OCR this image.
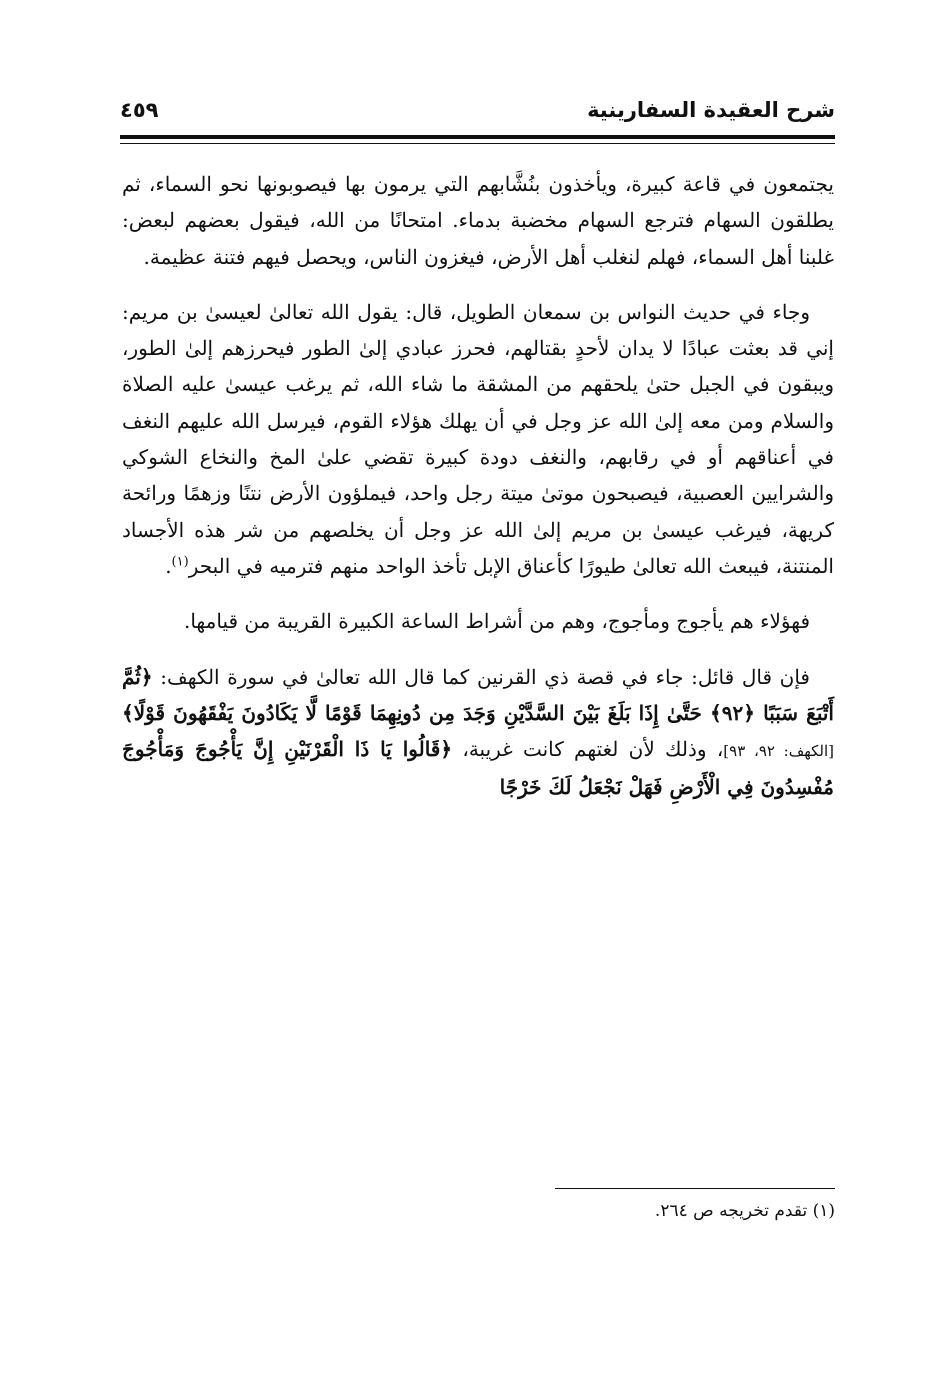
شرح العقيدة السفارينية
٤٥٩

يجتمعون في قاعة كبيرة، ويأخذون بنُشَّابهم التي يرمون بها فيصوبونها نحو السماء، ثم يطلقون السهام فترجع السهام مخضبة بدماء. امتحانًا من الله، فيقول بعضهم لبعض: غلبنا أهل السماء، فهلم لنغلب أهل الأرض، فيغزون الناس، ويحصل فيهم فتنة عظيمة.

وجاء في حديث النواس بن سمعان الطويل، قال: يقول الله تعالىٰ لعيسىٰ بن مريم: إني قد بعثت عبادًا لا يدان لأحدٍ بقتالهم، فحرز عبادي إلىٰ الطور فيحرزهم إلىٰ الطور، ويبقون في الجبل حتىٰ يلحقهم من المشقة ما شاء الله، ثم يرغب عيسىٰ عليه الصلاة والسلام ومن معه إلىٰ الله عز وجل في أن يهلك هؤلاء القوم، فيرسل الله عليهم النغف في أعناقهم أو في رقابهم، والنغف دودة كبيرة تقضي علىٰ المخ والنخاع الشوكي والشرايين العصبية، فيصبحون موتىٰ ميتة رجل واحد، فيملؤون الأرض نتنًا وزهمًا ورائحة كريهة، فيرغب عيسىٰ بن مريم إلىٰ الله عز وجل أن يخلصهم من شر هذه الأجساد المنتنة، فيبعث الله تعالىٰ طيورًا كأعناق الإبل تأخذ الواحد منهم فترميه في البحر$^{(١)}$.

فهؤلاء هم يأجوج ومأجوج، وهم من أشراط الساعة الكبيرة القريبة من قيامها.

فإن قال قائل: جاء في قصة ذي القرنين كما قال الله تعالىٰ في سورة الكهف: ﴿ثُمَّ أَتْبَعَ سَبَبًا ﴿٩٢﴾ حَتَّىٰ إِذَا بَلَغَ بَيْنَ السَّدَّيْنِ وَجَدَ مِن دُونِهِمَا قَوْمًا لَّا يَكَادُونَ يَفْقَهُونَ قَوْلًا﴾ [الكهف: ٩٢، ٩٣]، وذلك لأن لغتهم كانت غريبة، ﴿قَالُوا يَا ذَا الْقَرْنَيْنِ إِنَّ يَأْجُوجَ وَمَأْجُوجَ مُفْسِدُونَ فِي الْأَرْضِ فَهَلْ نَجْعَلُ لَكَ خَرْجًا

(١) تقدم تخريجه ص ٢٦٤.
